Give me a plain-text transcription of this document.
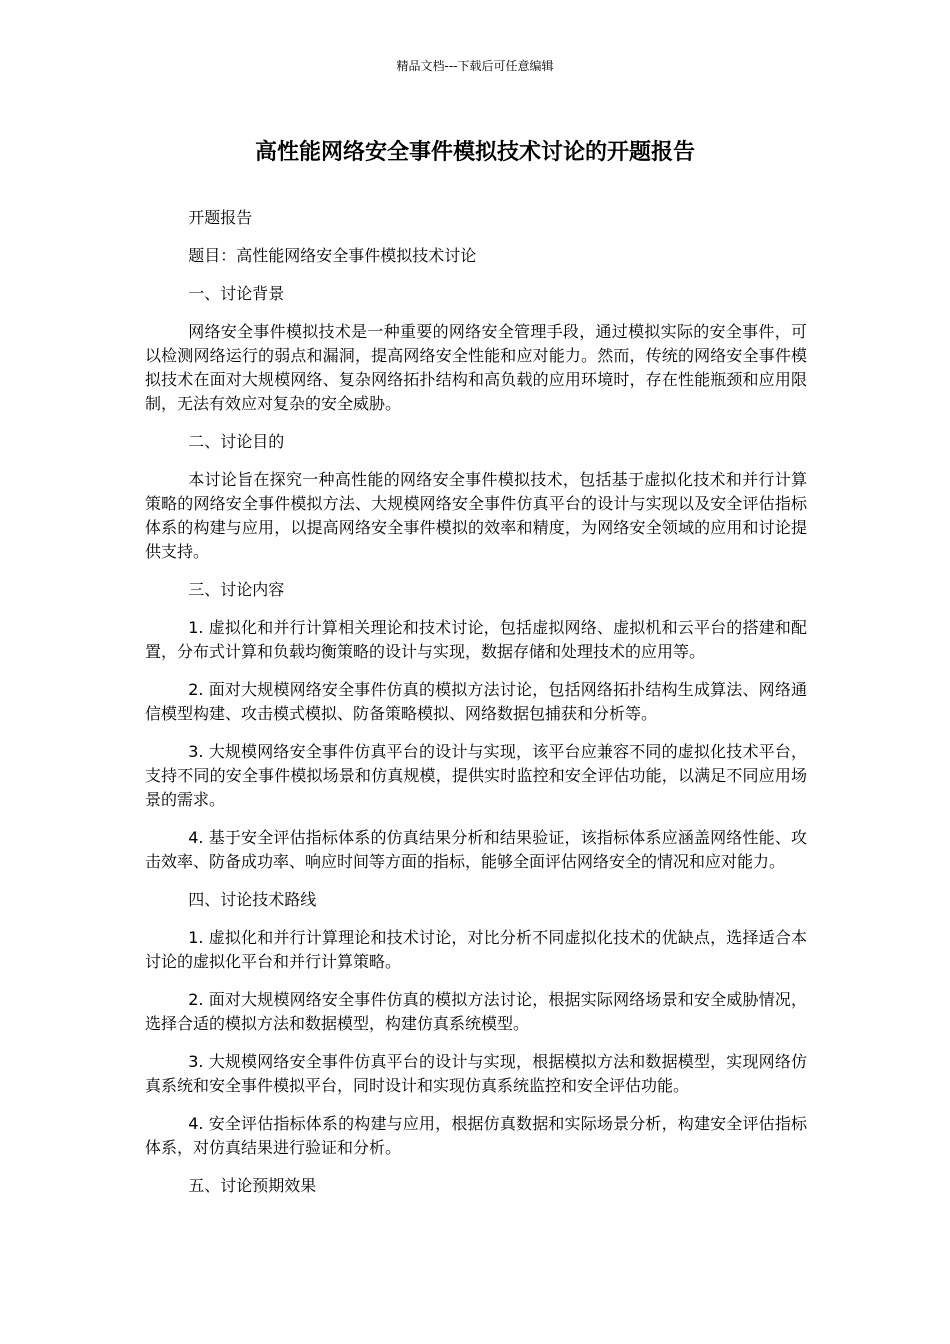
精品文档---下载后可任意编辑
高性能网络安全事件模拟技术讨论的开题报告

开题报告

题目：高性能网络安全事件模拟技术讨论

一、讨论背景

网络安全事件模拟技术是一种重要的网络安全管理手段，通过模拟实际的安全事件，可以检测网络运行的弱点和漏洞，提高网络安全性能和应对能力。然而，传统的网络安全事件模拟技术在面对大规模网络、复杂网络拓扑结构和高负载的应用环境时，存在性能瓶颈和应用限制，无法有效应对复杂的安全威胁。

二、讨论目的

本讨论旨在探究一种高性能的网络安全事件模拟技术，包括基于虚拟化技术和并行计算策略的网络安全事件模拟方法、大规模网络安全事件仿真平台的设计与实现以及安全评估指标体系的构建与应用，以提高网络安全事件模拟的效率和精度，为网络安全领域的应用和讨论提供支持。

三、讨论内容

1. 虚拟化和并行计算相关理论和技术讨论，包括虚拟网络、虚拟机和云平台的搭建和配置，分布式计算和负载均衡策略的设计与实现，数据存储和处理技术的应用等。

2. 面对大规模网络安全事件仿真的模拟方法讨论，包括网络拓扑结构生成算法、网络通信模型构建、攻击模式模拟、防备策略模拟、网络数据包捕获和分析等。

3. 大规模网络安全事件仿真平台的设计与实现，该平台应兼容不同的虚拟化技术平台，支持不同的安全事件模拟场景和仿真规模，提供实时监控和安全评估功能，以满足不同应用场景的需求。

4. 基于安全评估指标体系的仿真结果分析和结果验证，该指标体系应涵盖网络性能、攻击效率、防备成功率、响应时间等方面的指标，能够全面评估网络安全的情况和应对能力。

四、讨论技术路线

1. 虚拟化和并行计算理论和技术讨论，对比分析不同虚拟化技术的优缺点，选择适合本讨论的虚拟化平台和并行计算策略。

2. 面对大规模网络安全事件仿真的模拟方法讨论，根据实际网络场景和安全威胁情况，选择合适的模拟方法和数据模型，构建仿真系统模型。

3. 大规模网络安全事件仿真平台的设计与实现，根据模拟方法和数据模型，实现网络仿真系统和安全事件模拟平台，同时设计和实现仿真系统监控和安全评估功能。

4. 安全评估指标体系的构建与应用，根据仿真数据和实际场景分析，构建安全评估指标体系，对仿真结果进行验证和分析。

五、讨论预期效果
